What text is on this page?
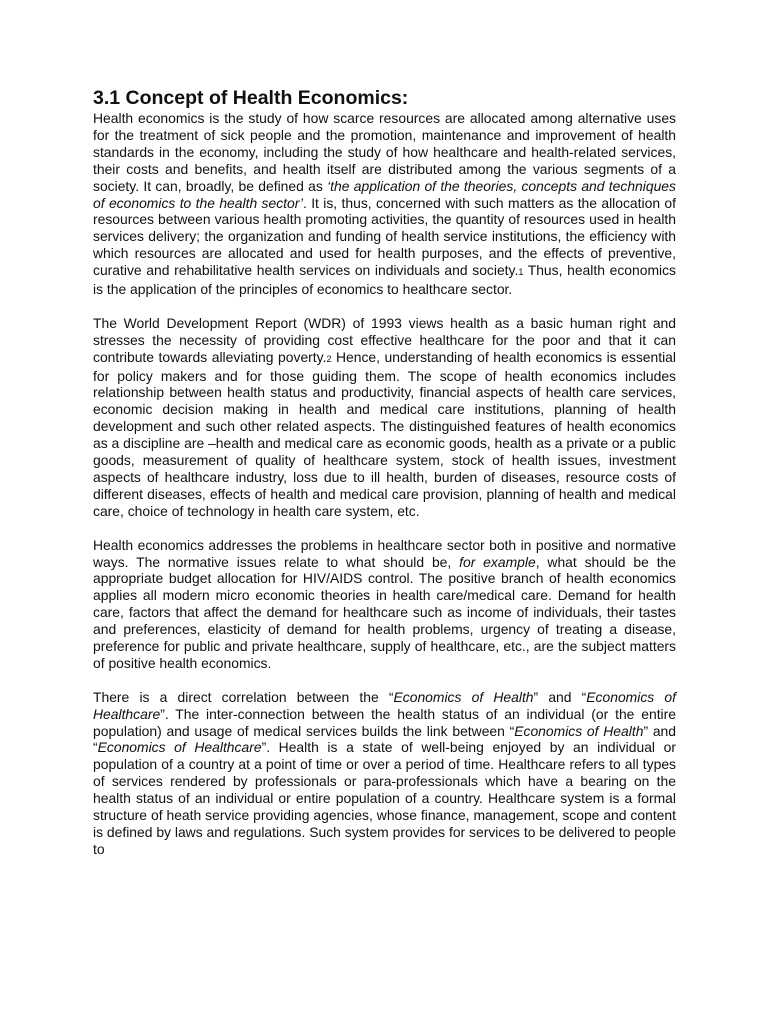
3.1 Concept of Health Economics:

Health economics is the study of how scarce resources are allocated among alternative uses for the treatment of sick people and the promotion, maintenance and improvement of health standards in the economy, including the study of how healthcare and health-related services, their costs and benefits, and health itself are distributed among the various segments of a society. It can, broadly, be defined as ‘the application of the theories, concepts and techniques of economics to the health sector’. It is, thus, concerned with such matters as the allocation of resources between various health promoting activities, the quantity of resources used in health services delivery; the organization and funding of health service institutions, the efficiency with which resources are allocated and used for health purposes, and the effects of preventive, curative and rehabilitative health services on individuals and society.1 Thus, health economics is the application of the principles of economics to healthcare sector.

The World Development Report (WDR) of 1993 views health as a basic human right and stresses the necessity of providing cost effective healthcare for the poor and that it can contribute towards alleviating poverty.2 Hence, understanding of health economics is essential for policy makers and for those guiding them. The scope of health economics includes relationship between health status and productivity, financial aspects of health care services, economic decision making in health and medical care institutions, planning of health development and such other related aspects. The distinguished features of health economics as a discipline are –health and medical care as economic goods, health as a private or a public goods, measurement of quality of healthcare system, stock of health issues, investment aspects of healthcare industry, loss due to ill health, burden of diseases, resource costs of different diseases, effects of health and medical care provision, planning of health and medical care, choice of technology in health care system, etc.

Health economics addresses the problems in healthcare sector both in positive and normative ways. The normative issues relate to what should be, for example, what should be the appropriate budget allocation for HIV/AIDS control. The positive branch of health economics applies all modern micro economic theories in health care/medical care. Demand for health care, factors that affect the demand for healthcare such as income of individuals, their tastes and preferences, elasticity of demand for health problems, urgency of treating a disease, preference for public and private healthcare, supply of healthcare, etc., are the subject matters of positive health economics.

There is a direct correlation between the “Economics of Health” and “Economics of Healthcare”. The inter-connection between the health status of an individual (or the entire population) and usage of medical services builds the link between “Economics of Health” and “Economics of Healthcare”. Health is a state of well-being enjoyed by an individual or population of a country at a point of time or over a period of time. Healthcare refers to all types of services rendered by professionals or para-professionals which have a bearing on the health status of an individual or entire population of a country. Healthcare system is a formal structure of heath service providing agencies, whose finance, management, scope and content is defined by laws and regulations. Such system provides for services to be delivered to people to
